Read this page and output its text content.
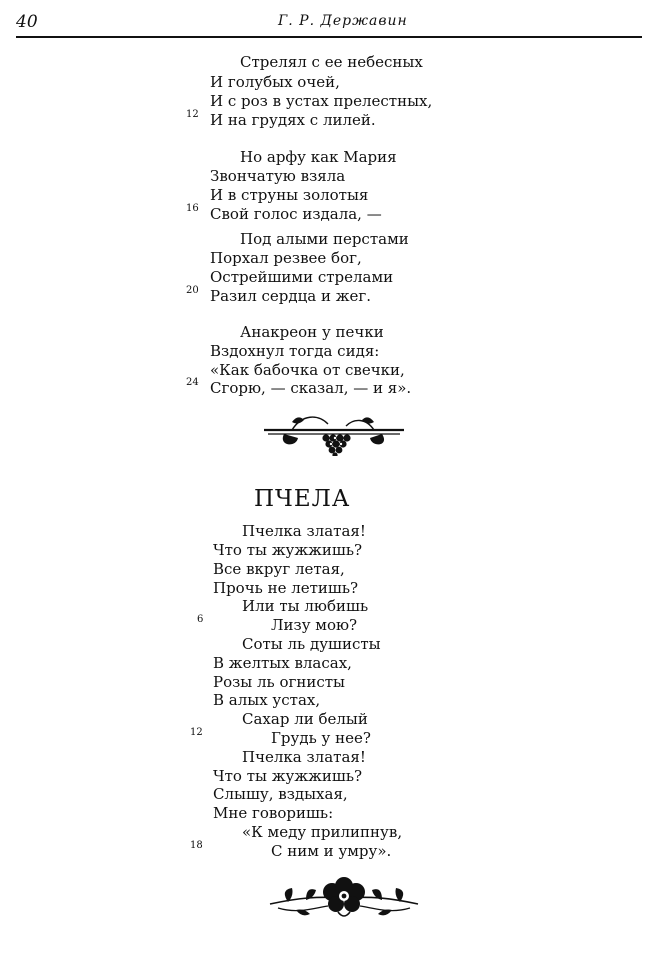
40	Г. Р. Державин
Стрелял с ее небесных
И голубых очей,
И с роз в устах прелестных,
И на грудях с лилей.
12
Но арфу как Мария
Звончатую взяла
И в струны золотыя
Свой голос издала, —
16
Под алыми перстами
Порхал резвее бог,
Острейшими стрелами
Разил сердца и жег.
20
Анакреон у печки
Вздохнул тогда сидя:
«Как бабочка от свечки,
Сгорю, — сказал, — и я».
24
ПЧЕЛА
Пчелка златая!
Что ты жужжишь?
Все вкруг летая,
Прочь не летишь?
Или ты любишь
Лизу мою?
6
Соты ль душисты
В желтых власах,
Розы ль огнисты
В алых устах,
Сахар ли белый
Грудь у нее?
12
Пчелка златая!
Что ты жужжишь?
Слышу, вздыхая,
Мне говоришь:
«К меду прилипнув,
С ним и умру».
18
